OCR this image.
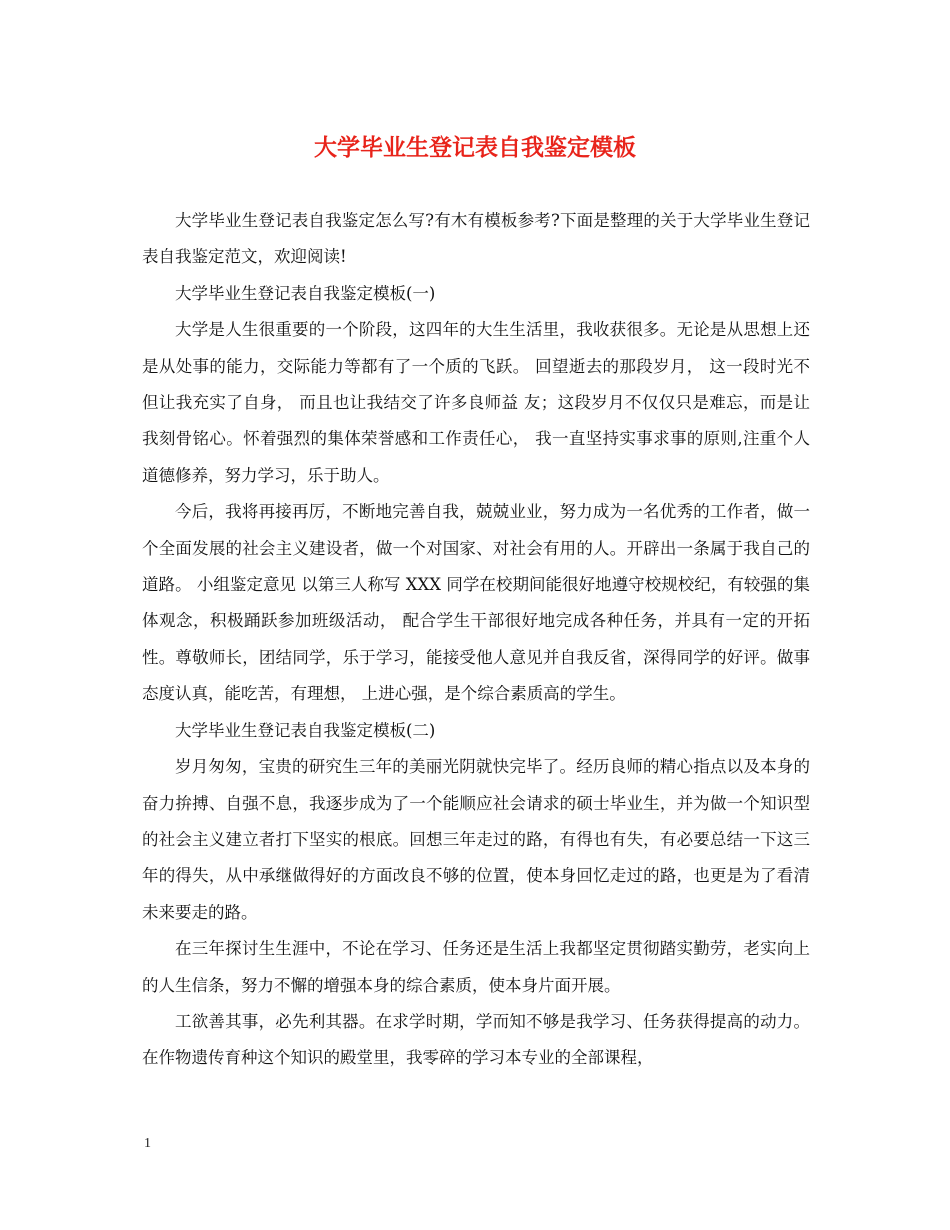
大学毕业生登记表自我鉴定模板

大学毕业生登记表自我鉴定怎么写?有木有模板参考?下面是整理的关于大学毕业生登记表自我鉴定范文，欢迎阅读!

大学毕业生登记表自我鉴定模板(一)

大学是人生很重要的一个阶段，这四年的大生生活里，我收获很多。无论是从思想上还 是从处事的能力，交际能力等都有了一个质的飞跃。 回望逝去的那段岁月， 这一段时光不但让我充实了自身， 而且也让我结交了许多良师益 友；这段岁月不仅仅只是难忘，而是让我刻骨铭心。怀着强烈的集体荣誉感和工作责任心， 我一直坚持实事求事的原则,注重个人道德修养，努力学习，乐于助人。

今后，我将再接再厉，不断地完善自我，兢兢业业，努力成为一名优秀的工作者，做一 个全面发展的社会主义建设者，做一个对国家、对社会有用的人。开辟出一条属于我自己的 道路。 小组鉴定意见 以第三人称写 XXX 同学在校期间能很好地遵守校规校纪，有较强的集体观念，积极踊跃参加班级活动， 配合学生干部很好地完成各种任务，并具有一定的开拓性。尊敬师长，团结同学，乐于学习，能接受他人意见并自我反省，深得同学的好评。做事态度认真，能吃苦，有理想， 上进心强，是个综合素质高的学生。

大学毕业生登记表自我鉴定模板(二)

岁月匆匆，宝贵的研究生三年的美丽光阴就快完毕了。经历良师的精心指点以及本身的奋力拚搏、自强不息，我逐步成为了一个能顺应社会请求的硕士毕业生，并为做一个知识型的社会主义建立者打下坚实的根底。回想三年走过的路，有得也有失，有必要总结一下这三年的得失，从中承继做得好的方面改良不够的位置，使本身回忆走过的路，也更是为了看清未来要走的路。

在三年探讨生生涯中，不论在学习、任务还是生活上我都坚定贯彻踏实勤劳，老实向上的人生信条，努力不懈的增强本身的综合素质，使本身片面开展。

工欲善其事，必先利其器。在求学时期，学而知不够是我学习、任务获得提高的动力。在作物遗传育种这个知识的殿堂里，我零碎的学习本专业的全部课程，

1
